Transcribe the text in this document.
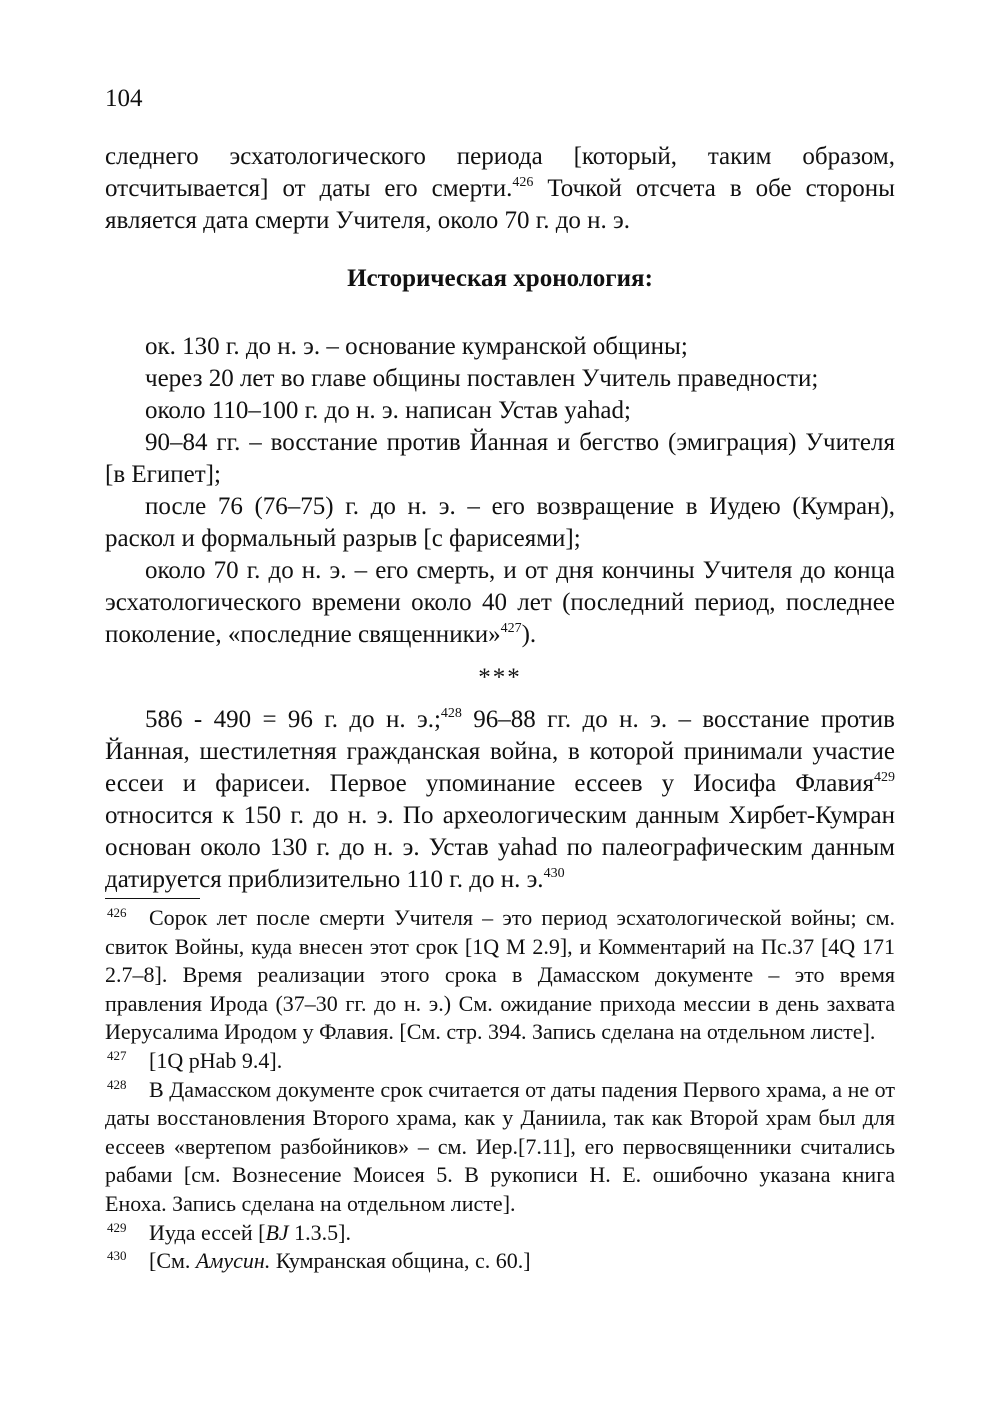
104

следнего эсхатологического периода [который, таким образом, отсчитывается] от даты его смерти.$^{426}$ Точкой отсчета в обе стороны является дата смерти Учителя, около 70 г. до н. э.

Историческая хронология:

ок. 130 г. до н. э. – основание кумранской общины;

через 20 лет во главе общины поставлен Учитель праведности;

около 110–100 г. до н. э. написан Устав yahad;

90–84 гг. – восстание против Йанная и бегство (эмиграция) Учителя [в Египет];

после 76 (76–75) г. до н. э. – его возвращение в Иудею (Кумран), раскол и формальный разрыв [с фарисеями];

около 70 г. до н. э. – его смерть, и от дня кончины Учителя до конца эсхатологического времени около 40 лет (последний период, последнее поколение, «последние священники»$^{427}$).

***

586 - 490 = 96 г. до н. э.;$^{428}$ 96–88 гг. до н. э. – восстание против Йанная, шестилетняя гражданская война, в которой принимали участие ессеи и фарисеи. Первое упоминание ессеев у Иосифа Флавия$^{429}$ относится к 150 г. до н. э. По археологическим данным Хирбет-Кумран основан около 130 г. до н. э. Устав yahad по палеографическим данным датируется приблизительно 110 г. до н. э.$^{430}$

426 Сорок лет после смерти Учителя – это период эсхатологической войны; см. свиток Войны, куда внесен этот срок [1Q M 2.9], и Комментарий на Пс.37 [4Q 171 2.7–8]. Время реализации этого срока в Дамасском документе – это время правления Ирода (37–30 гг. до н. э.) См. ожидание прихода мессии в день захвата Иерусалима Иродом у Флавия. [См. стр. 394. Запись сделана на отдельном листе].

427 [1Q pHab 9.4].

428 В Дамасском документе срок считается от даты падения Первого храма, а не от даты восстановления Второго храма, как у Даниила, так как Второй храм был для ессеев «вертепом разбойников» – см. Иер.[7.11], его первосвященники считались рабами [см. Вознесение Моисея 5. В рукописи Н. Е. ошибочно указана книга Еноха. Запись сделана на отдельном листе].

429 Иуда ессей [BJ 1.3.5].

430 [См. Амусин. Кумранская община, с. 60.]
